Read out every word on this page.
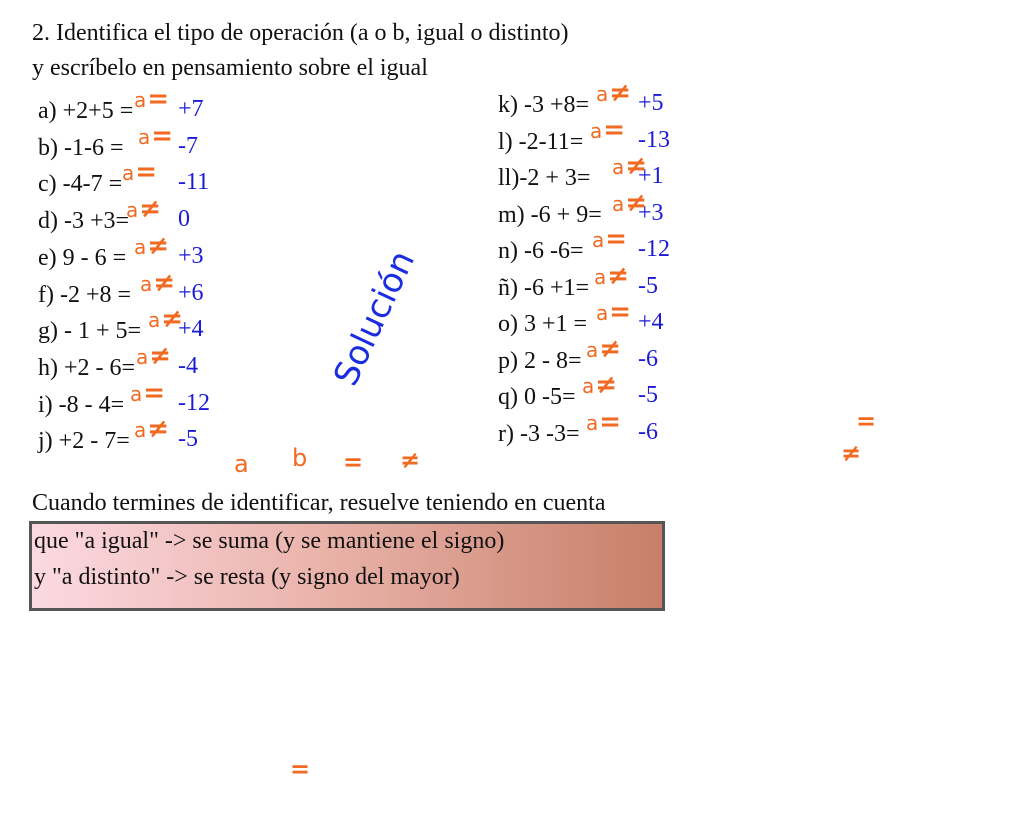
2. Identifica el tipo de operación (a o b, igual o distinto)
y escríbelo en pensamiento sobre el igual
a) +2+5 = +7
a=
b) -1-6 = -7
a=
c) -4-7 = -11
a=
d) -3 +3= 0
a≠
e) 9 - 6 = +3
a≠
f) -2 +8 = +6
a≠
g) - 1 + 5= +4
a≠
h) +2 - 6= -4
a≠
i) -8 - 4= -12
a=
j) +2 - 7= -5
a≠
k) -3 +8= +5
a≠
l) -2-11= -13
a=
ll)-2 + 3= +1
a≠
m) -6 + 9= +3
a≠
n) -6 -6= -12
a=
ñ) -6 +1= -5
a≠
o) 3 +1 = +4
a=
p) 2 - 8= -6
a≠
q) 0 -5=	-5
a≠
r) -3 -3= -6
a=
Solución
a b = ≠
=
≠
=
Cuando termines de identificar, resuelve teniendo en cuenta
que "a igual" -> se suma (y se mantiene el signo)
y "a distinto" -> se resta (y signo del mayor)
